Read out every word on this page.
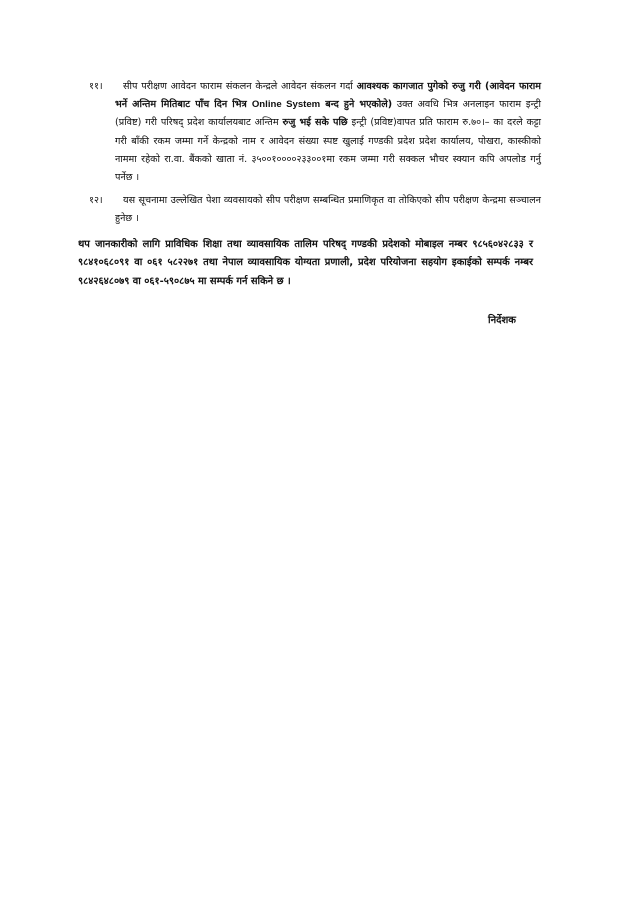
११।	सीप परीक्षण आवेदन फाराम संकलन केन्द्रले आवेदन संकलन गर्दा आवश्यक कागजात पुगेको रुजु गरी (आवेदन फाराम भर्ने अन्तिम मितिबाट पाँच दिन भित्र Online System बन्द हुने भएकोले) उक्त अवधि भित्र अनलाइन फाराम इन्ट्री (प्रविष्ट) गरी परिषद् प्रदेश कार्यालयबाट अन्तिम रुजु भई सके पछि इन्ट्री (प्रविष्ट)वापत प्रति फाराम रु.७०।– का दरले कट्टा गरी बाँकी रकम जम्मा गर्ने केन्द्रको नाम र आवेदन संख्या स्पष्ट खुलाई गण्डकी प्रदेश प्रदेश कार्यालय, पोखरा, कास्कीको नाममा रहेको रा.वा. बैंकको खाता नं. ३५००१००००२३३००१मा रकम जम्मा गरी सक्कल भौचर स्क्यान कपि अपलोड गर्नु पर्नेछ ।
१२।	यस सूचनामा उल्लेखित पेशा व्यवसायको सीप परीक्षण सम्बन्धित प्रमाणिकृत वा तोकिएको सीप परीक्षण केन्द्रमा सञ्चालन हुनेछ ।
थप जानकारीको लागि प्राविधिक शिक्षा तथा व्यावसायिक तालिम परिषद् गण्डकी प्रदेशको मोबाइल नम्बर ९८५६०४२८३३ र ९८४१०६८०९१ वा ०६१ ५८२२७१ तथा नेपाल व्यावसायिक योग्यता प्रणाली, प्रदेश परियोजना सहयोग इकाईको सम्पर्क नम्बर ९८४२६४८०७९ वा ०६१-५९०८७५ मा सम्पर्क गर्न सकिने छ ।
निर्देशक
